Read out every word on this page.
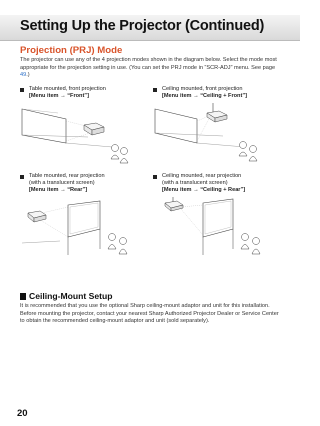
Setting Up the Projector (Continued)
Projection (PRJ) Mode
The projector can use any of the 4 projection modes shown in the diagram below. Select the mode most appropriate for the projection setting in use. (You can set the PRJ mode in “SCR-ADJ” menu. See page 49.)
Table mounted, front projection
[Menu item → “Front”]
Ceiling mounted, front projection
[Menu item → “Ceiling + Front”]
Table mounted, rear projection
(with a translucent screen)
[Menu item → “Rear”]
Ceiling mounted, rear projection
(with a translucent screen)
[Menu item → “Ceiling + Rear”]
Ceiling-Mount Setup
It is recommended that you use the optional Sharp ceiling-mount adaptor and unit for this installation. Before mounting the projector, contact your nearest Sharp Authorized Projector Dealer or Service Center to obtain the recommended ceiling-mount adaptor and unit (sold separately).
20
